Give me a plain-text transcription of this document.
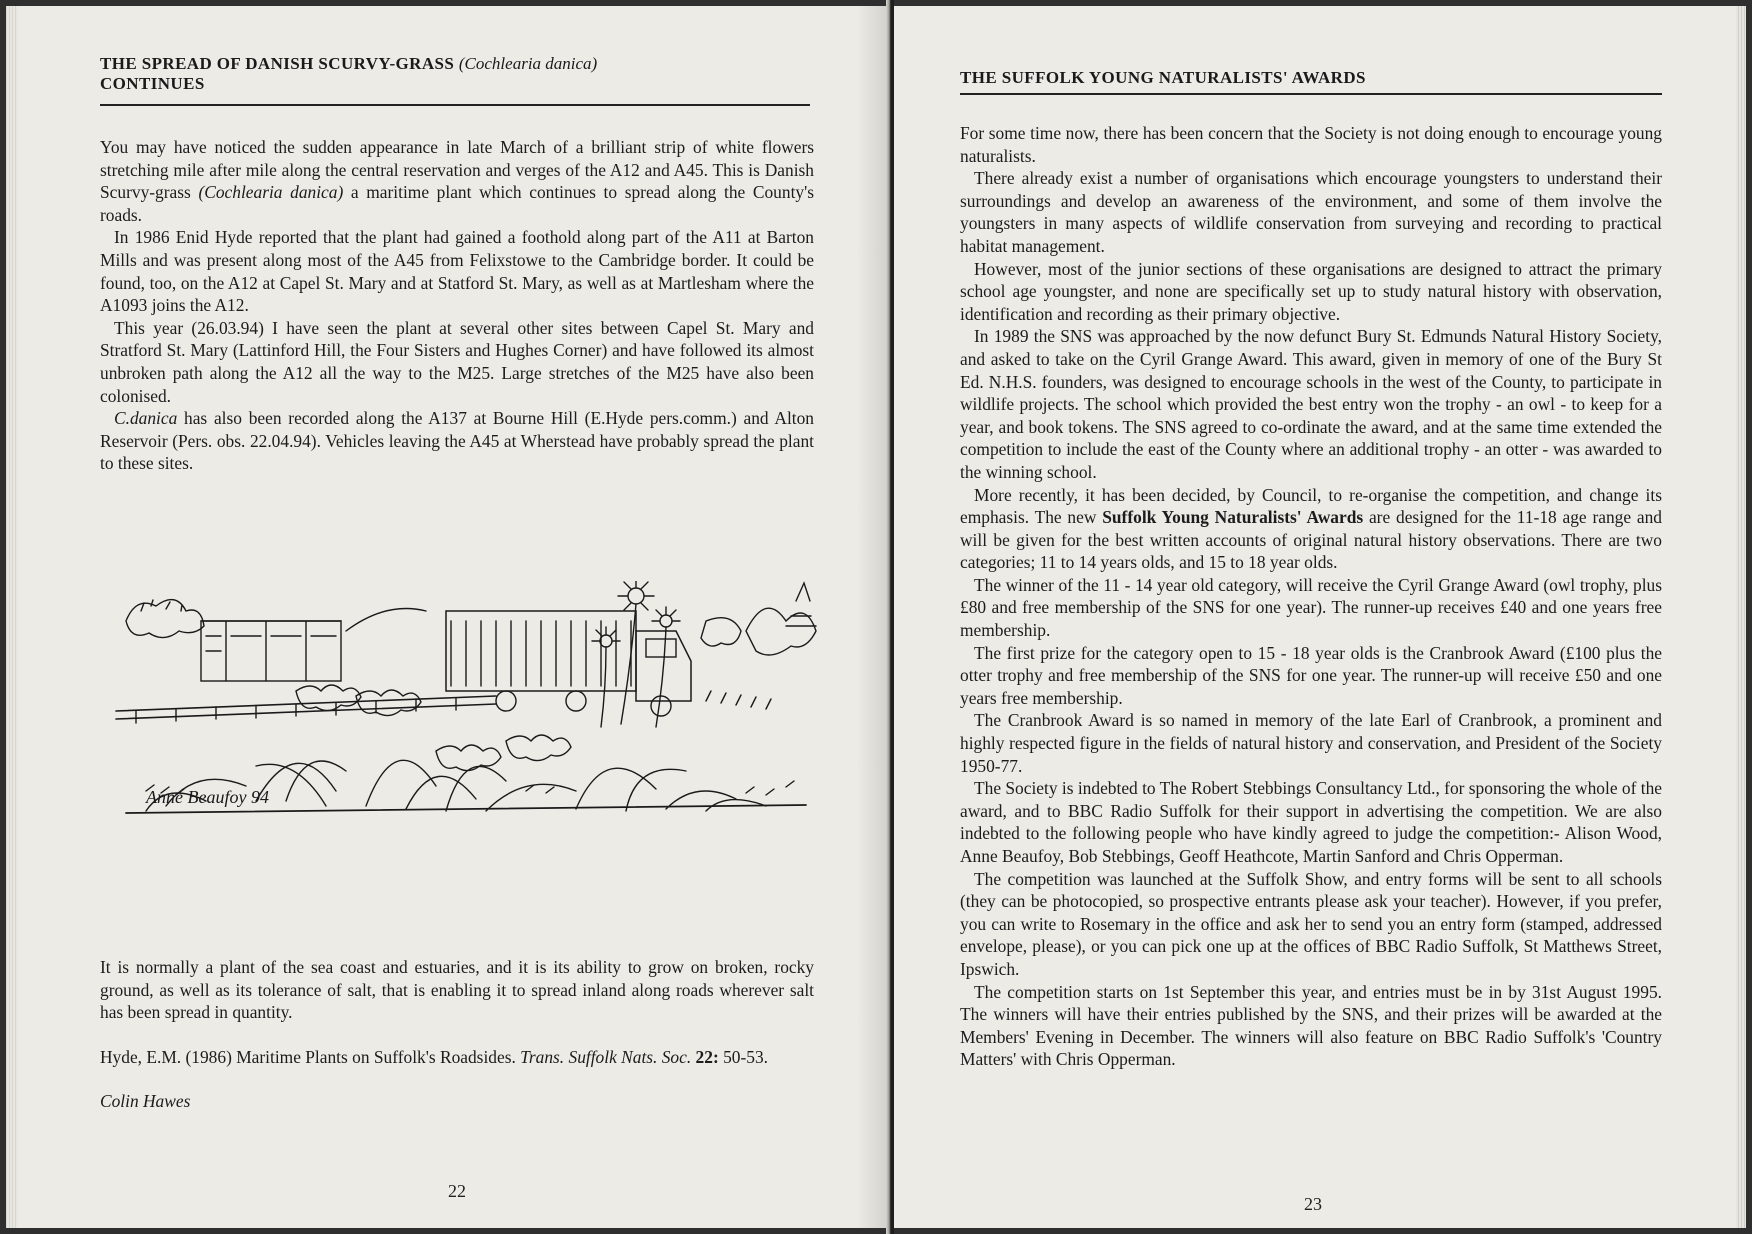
THE SPREAD OF DANISH SCURVY-GRASS (Cochlearia danica)
CONTINUES

You may have noticed the sudden appearance in late March of a brilliant strip of white flowers stretching mile after mile along the central reservation and verges of the A12 and A45. This is Danish Scurvy-grass (Cochlearia danica) a maritime plant which continues to spread along the County's roads.

In 1986 Enid Hyde reported that the plant had gained a foothold along part of the A11 at Barton Mills and was present along most of the A45 from Felixstowe to the Cambridge border. It could be found, too, on the A12 at Capel St. Mary and at Statford St. Mary, as well as at Martlesham where the A1093 joins the A12.

This year (26.03.94) I have seen the plant at several other sites between Capel St. Mary and Stratford St. Mary (Lattinford Hill, the Four Sisters and Hughes Corner) and have followed its almost unbroken path along the A12 all the way to the M25. Large stretches of the M25 have also been colonised.

C.danica has also been recorded along the A137 at Bourne Hill (E.Hyde pers.comm.) and Alton Reservoir (Pers. obs. 22.04.94). Vehicles leaving the A45 at Wherstead have probably spread the plant to these sites.

Anne Beaufoy 94

It is normally a plant of the sea coast and estuaries, and it is its ability to grow on broken, rocky ground, as well as its tolerance of salt, that is enabling it to spread inland along roads wherever salt has been spread in quantity.

Hyde, E.M. (1986) Maritime Plants on Suffolk's Roadsides. Trans. Suffolk Nats. Soc. 22: 50-53.

Colin Hawes

22
THE SUFFOLK YOUNG NATURALISTS' AWARDS

For some time now, there has been concern that the Society is not doing enough to encourage young naturalists.

There already exist a number of organisations which encourage youngsters to understand their surroundings and develop an awareness of the environment, and some of them involve the youngsters in many aspects of wildlife conservation from surveying and recording to practical habitat management.

However, most of the junior sections of these organisations are designed to attract the primary school age youngster, and none are specifically set up to study natural history with observation, identification and recording as their primary objective.

In 1989 the SNS was approached by the now defunct Bury St. Edmunds Natural History Society, and asked to take on the Cyril Grange Award. This award, given in memory of one of the Bury St Ed. N.H.S. founders, was designed to encourage schools in the west of the County, to participate in wildlife projects. The school which provided the best entry won the trophy - an owl - to keep for a year, and book tokens. The SNS agreed to co-ordinate the award, and at the same time extended the competition to include the east of the County where an additional trophy - an otter - was awarded to the winning school.

More recently, it has been decided, by Council, to re-organise the competition, and change its emphasis. The new Suffolk Young Naturalists' Awards are designed for the 11-18 age range and will be given for the best written accounts of original natural history observations. There are two categories; 11 to 14 years olds, and 15 to 18 year olds.

The winner of the 11 - 14 year old category, will receive the Cyril Grange Award (owl trophy, plus £80 and free membership of the SNS for one year). The runner-up receives £40 and one years free membership.

The first prize for the category open to 15 - 18 year olds is the Cranbrook Award (£100 plus the otter trophy and free membership of the SNS for one year. The runner-up will receive £50 and one years free membership.

The Cranbrook Award is so named in memory of the late Earl of Cranbrook, a prominent and highly respected figure in the fields of natural history and conservation, and President of the Society 1950-77.

The Society is indebted to The Robert Stebbings Consultancy Ltd., for sponsoring the whole of the award, and to BBC Radio Suffolk for their support in advertising the competition. We are also indebted to the following people who have kindly agreed to judge the competition:- Alison Wood, Anne Beaufoy, Bob Stebbings, Geoff Heathcote, Martin Sanford and Chris Opperman.

The competition was launched at the Suffolk Show, and entry forms will be sent to all schools (they can be photocopied, so prospective entrants please ask your teacher). However, if you prefer, you can write to Rosemary in the office and ask her to send you an entry form (stamped, addressed envelope, please), or you can pick one up at the offices of BBC Radio Suffolk, St Matthews Street, Ipswich.

The competition starts on 1st September this year, and entries must be in by 31st August 1995. The winners will have their entries published by the SNS, and their prizes will be awarded at the Members' Evening in December. The winners will also feature on BBC Radio Suffolk's 'Country Matters' with Chris Opperman.

23
